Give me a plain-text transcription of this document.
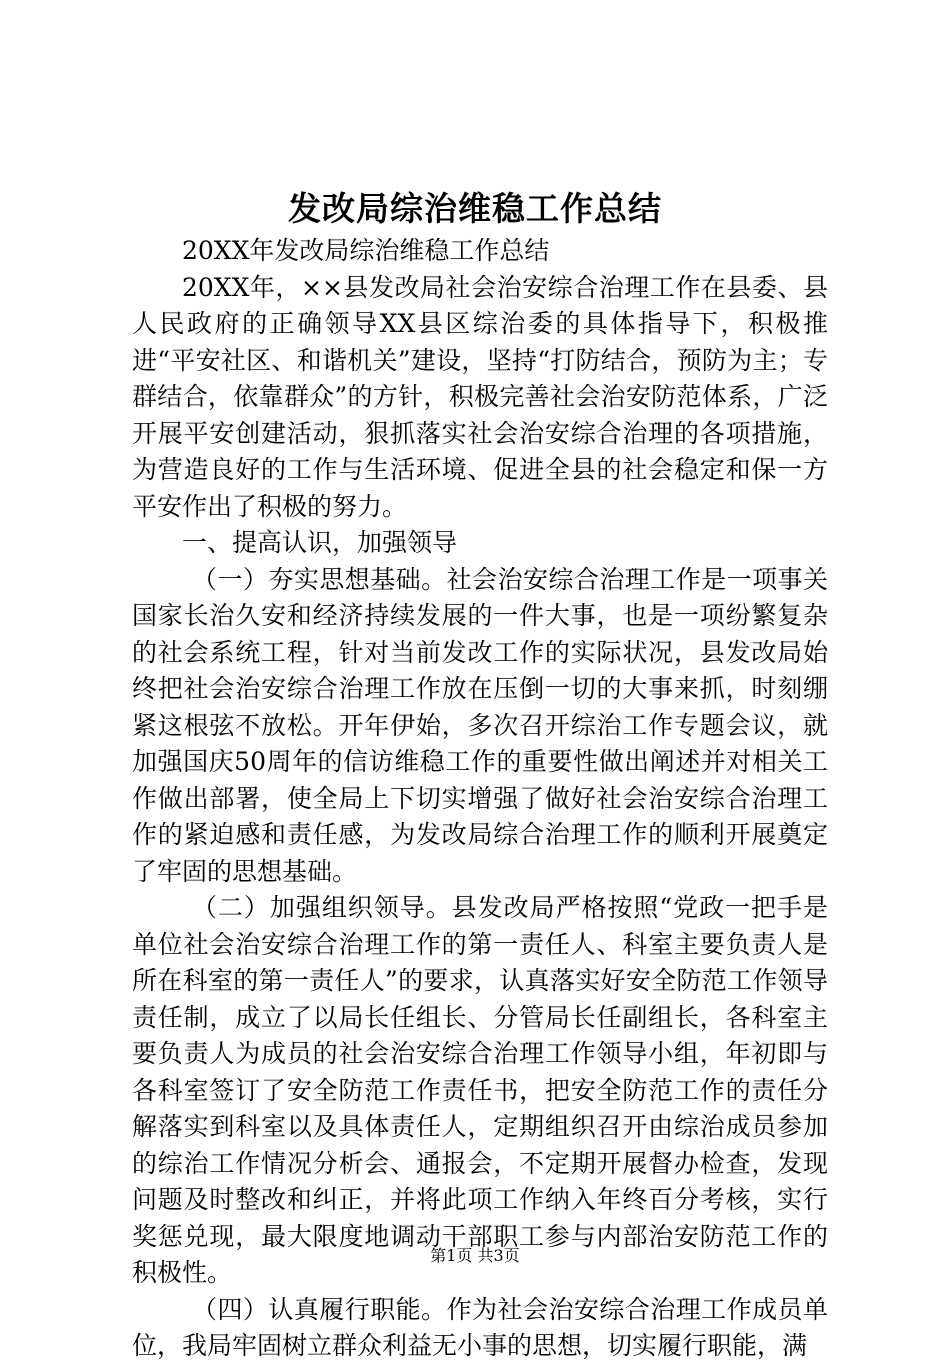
发改局综治维稳工作总结

20XX年发改局综治维稳工作总结

20XX年，××县发改局社会治安综合治理工作在县委、县人民政府的正确领导XX县区综治委的具体指导下，积极推进“平安社区、和谐机关”建设，坚持“打防结合，预防为主；专群结合，依靠群众”的方针，积极完善社会治安防范体系，广泛开展平安创建活动，狠抓落实社会治安综合治理的各项措施，为营造良好的工作与生活环境、促进全县的社会稳定和保一方平安作出了积极的努力。

一、提高认识，加强领导

（一）夯实思想基础。社会治安综合治理工作是一项事关国家长治久安和经济持续发展的一件大事，也是一项纷繁复杂的社会系统工程，针对当前发改工作的实际状况，县发改局始终把社会治安综合治理工作放在压倒一切的大事来抓，时刻绷紧这根弦不放松。开年伊始，多次召开综治工作专题会议，就加强国庆50周年的信访维稳工作的重要性做出阐述并对相关工作做出部署，使全局上下切实增强了做好社会治安综合治理工作的紧迫感和责任感，为发改局综合治理工作的顺利开展奠定了牢固的思想基础。

（二）加强组织领导。县发改局严格按照“党政一把手是单位社会治安综合治理工作的第一责任人、科室主要负责人是所在科室的第一责任人”的要求，认真落实好安全防范工作领导责任制，成立了以局长任组长、分管局长任副组长，各科室主要负责人为成员的社会治安综合治理工作领导小组，年初即与各科室签订了安全防范工作责任书，把安全防范工作的责任分解落实到科室以及具体责任人，定期组织召开由综治成员参加的综治工作情况分析会、通报会，不定期开展督办检查，发现问题及时整改和纠正，并将此项工作纳入年终百分考核，实行奖惩兑现，最大限度地调动干部职工参与内部治安防范工作的积极性。

（四）认真履行职能。作为社会治安综合治理工作成员单位，我局牢固树立群众利益无小事的思想，切实履行职能，满

第1页 共3页
